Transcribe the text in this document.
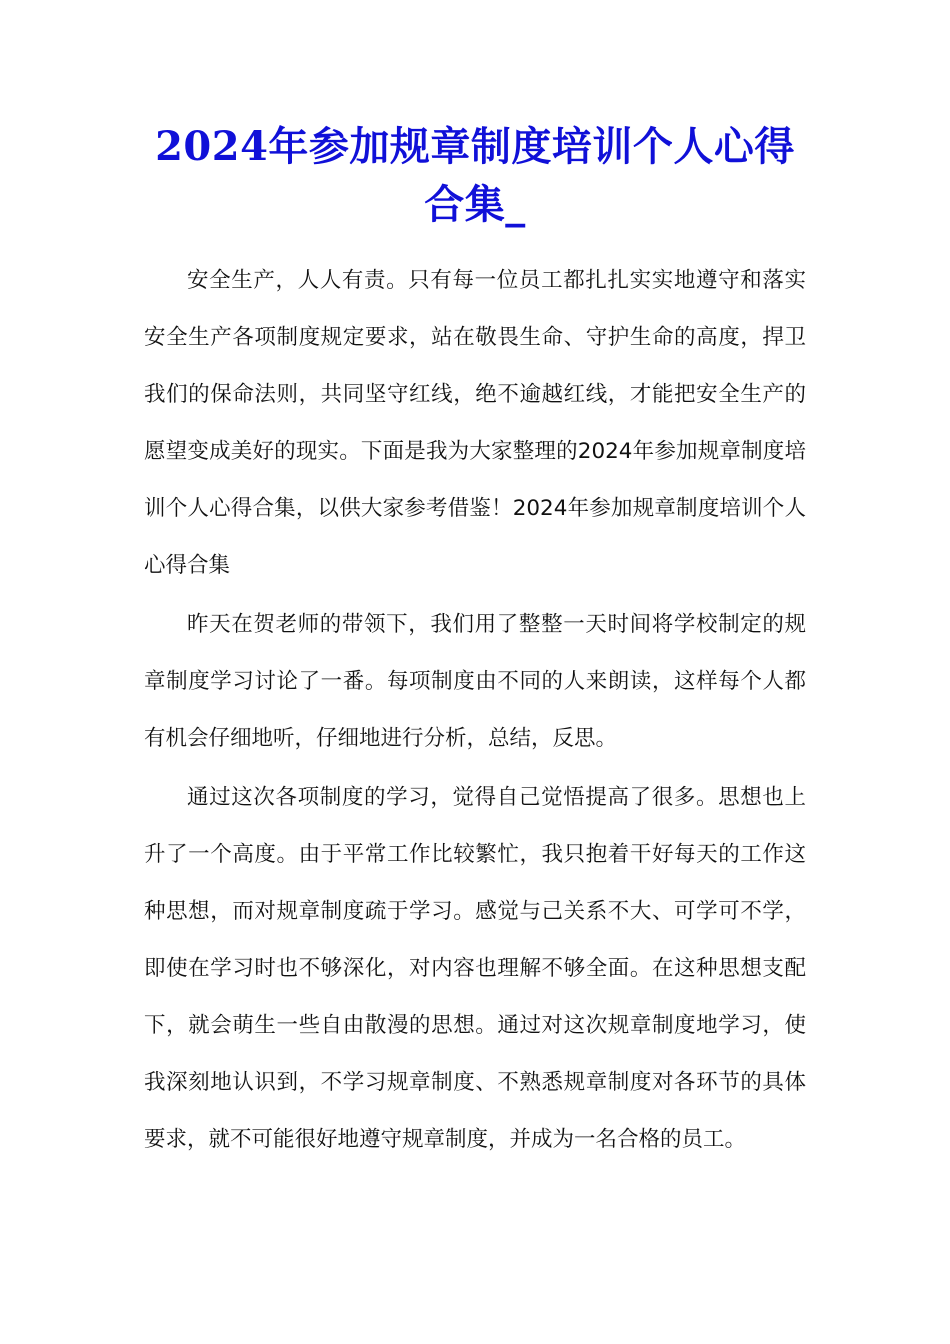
2024年参加规章制度培训个人心得合集_

安全生产，人人有责。只有每一位员工都扎扎实实地遵守和落实安全生产各项制度规定要求，站在敬畏生命、守护生命的高度，捍卫我们的保命法则，共同坚守红线，绝不逾越红线，才能把安全生产的愿望变成美好的现实。下面是我为大家整理的2024年参加规章制度培训个人心得合集，以供大家参考借鉴！2024年参加规章制度培训个人心得合集

昨天在贺老师的带领下，我们用了整整一天时间将学校制定的规章制度学习讨论了一番。每项制度由不同的人来朗读，这样每个人都有机会仔细地听，仔细地进行分析，总结，反思。

通过这次各项制度的学习，觉得自己觉悟提高了很多。思想也上升了一个高度。由于平常工作比较繁忙，我只抱着干好每天的工作这种思想，而对规章制度疏于学习。感觉与己关系不大、可学可不学，即使在学习时也不够深化，对内容也理解不够全面。在这种思想支配下，就会萌生一些自由散漫的思想。通过对这次规章制度地学习，使我深刻地认识到，不学习规章制度、不熟悉规章制度对各环节的具体要求，就不可能很好地遵守规章制度，并成为一名合格的员工。
